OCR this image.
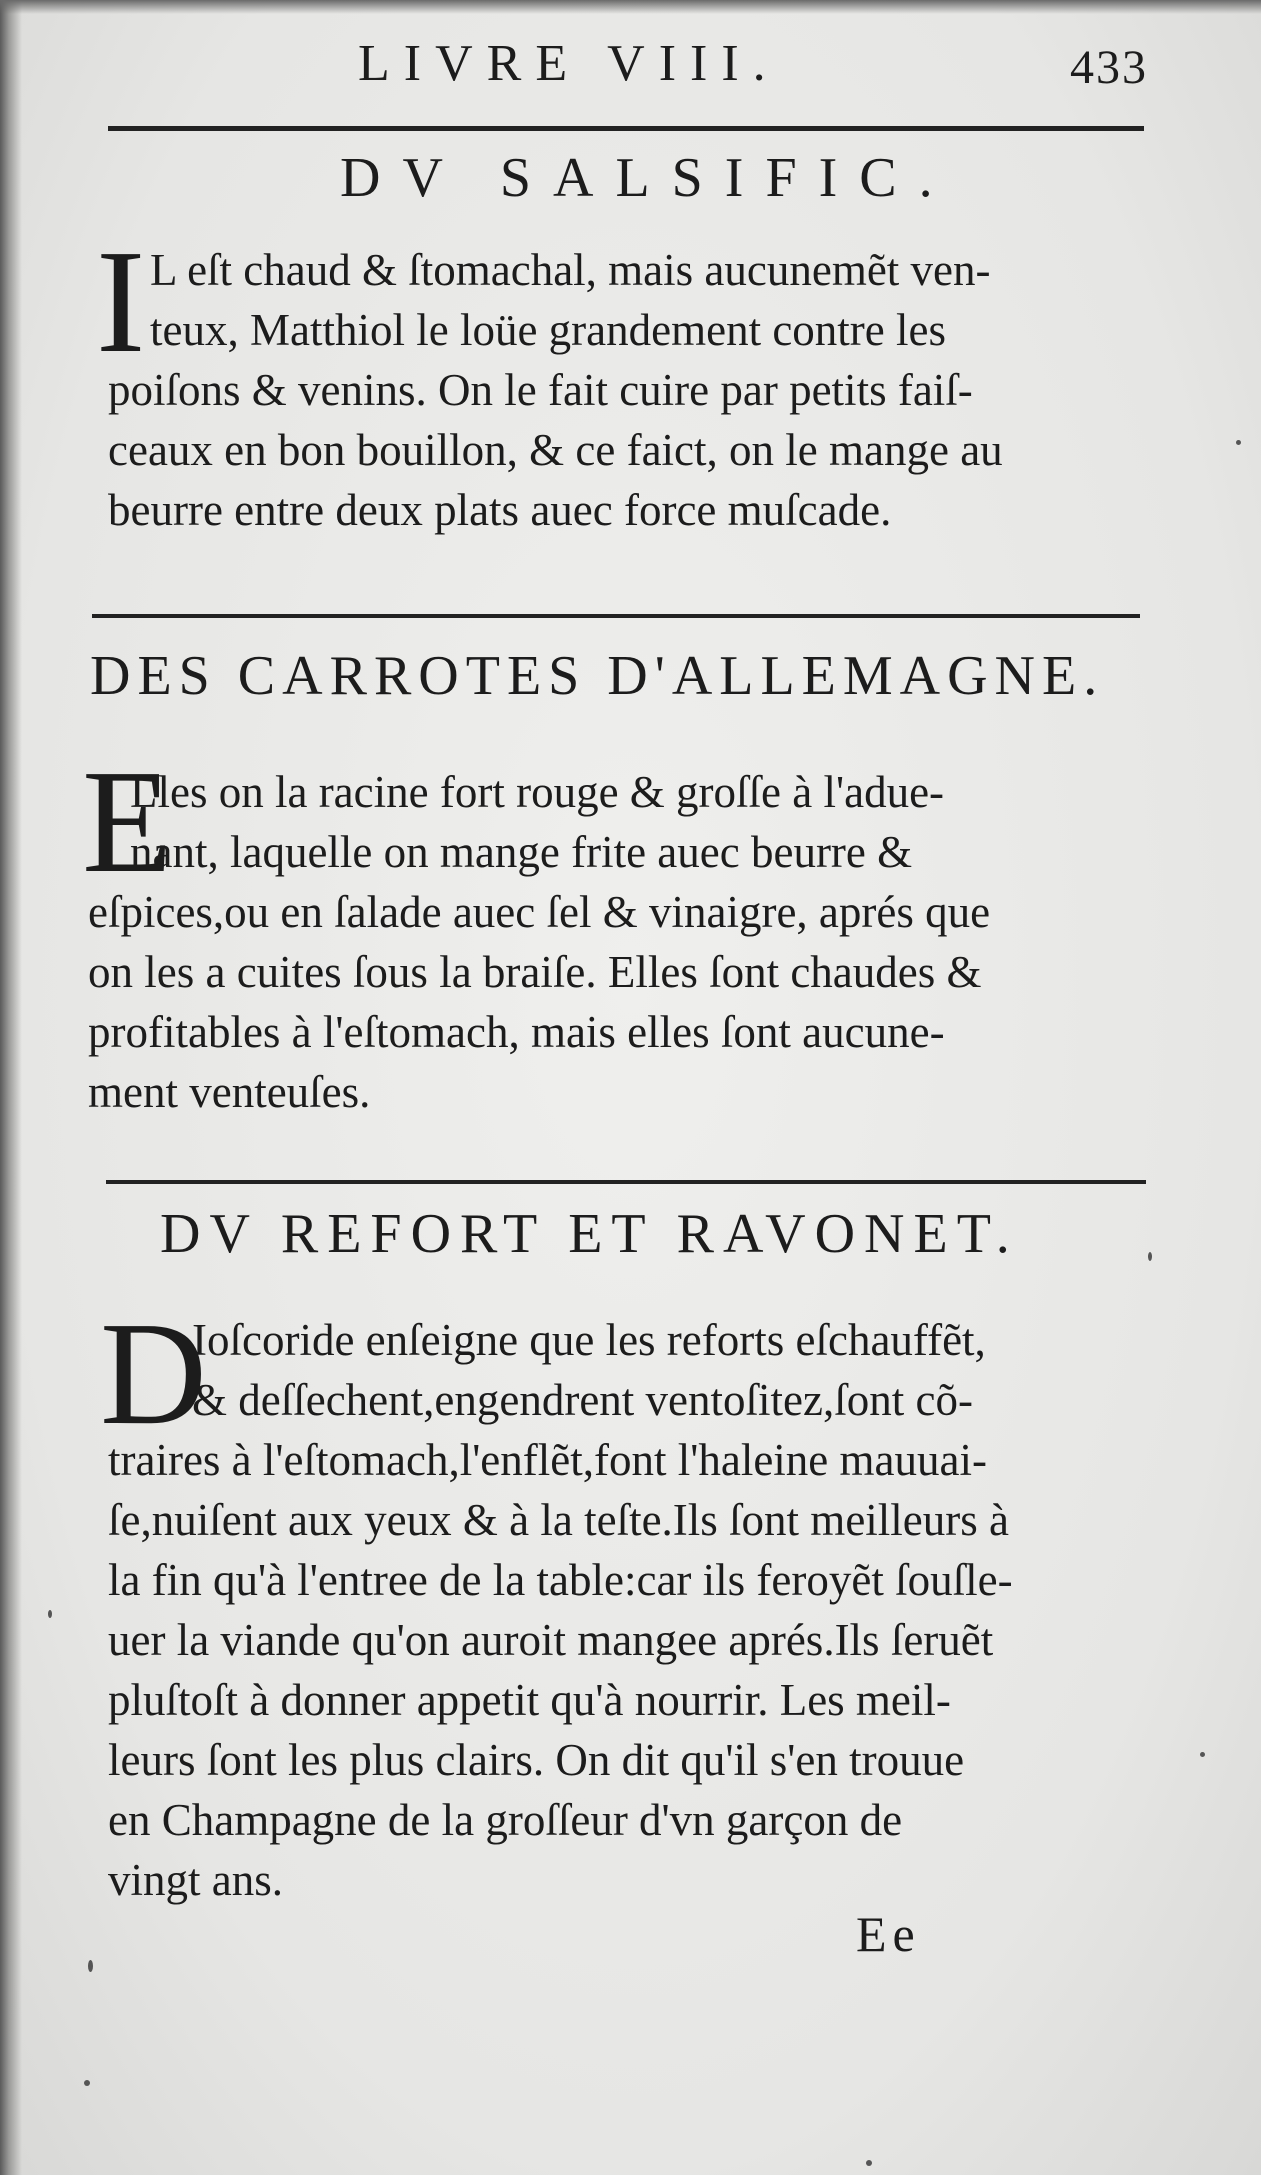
LIVRE VIII.	433
DV SALSIFIC.
I L eſt chaud & ſtomachal, mais aucunemẽt ven-
teux, Matthiol le loüe grandement contre les
poiſons & venins. On le fait cuire par petits faiſ-
ceaux en bon bouillon, & ce faict, on le mange au
beurre entre deux plats auec force muſcade.
DES CARROTES D'ALLEMAGNE.
E
Lles on la racine fort rouge & groſſe à l'adue-
nant, laquelle on mange frite auec beurre &
eſpices,ou en ſalade auec ſel & vinaigre, aprés que
on les a cuites ſous la braiſe. Elles ſont chaudes &
profitables à l'eſtomach, mais elles ſont aucune-
ment venteuſes.
DV REFORT ET RAVONET.
D
Ioſcoride enſeigne que les reforts eſchauffẽt,
& deſſechent,engendrent ventoſitez,ſont cõ-
traires à l'eſtomach,l'enflẽt,font l'haleine mauuai-
ſe,nuiſent aux yeux & à la teſte.Ils ſont meilleurs à
la fin qu'à l'entree de la table:car ils feroyẽt ſouſle-
uer la viande qu'on auroit mangee aprés.Ils ſeruẽt
pluſtoſt à donner appetit qu'à nourrir. Les meil-
leurs ſont les plus clairs. On dit qu'il s'en trouue
en Champagne de la groſſeur d'vn garçon de
vingt ans.
Ee
